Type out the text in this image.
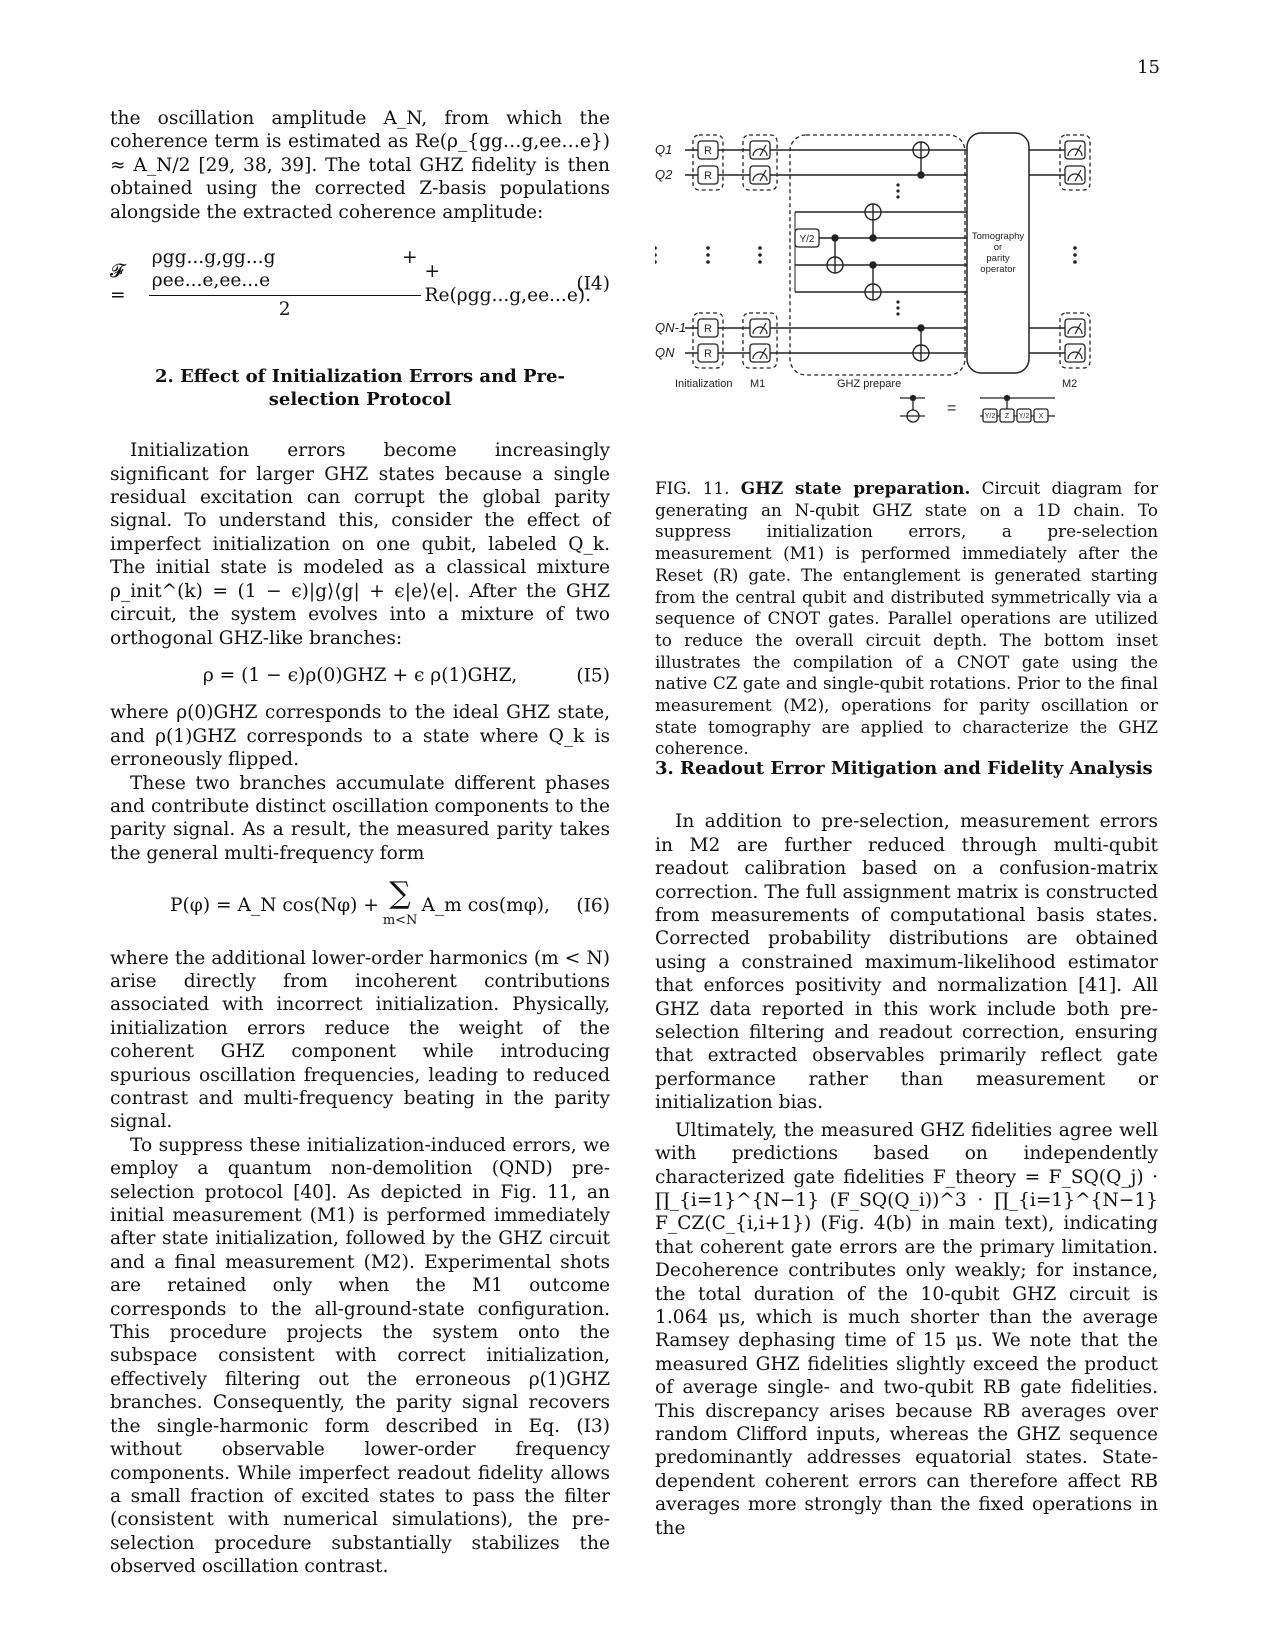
15

the oscillation amplitude A_N, from which the coherence term is estimated as Re(ρ_{gg…g,ee…e}) ≈ A_N/2 [29, 38, 39]. The total GHZ fidelity is then obtained using the corrected Z-basis populations alongside the extracted coherence amplitude:

𝓕 =	$\frac{\text{ρgg...g,gg...g + ρee...e,ee...e}}{2} + Re(\rho gg...g,ee...e)$.
(I4)
2. Effect of Initialization Errors and Pre-selection Protocol

Initialization errors become increasingly significant for larger GHZ states because a single residual excitation can corrupt the global parity signal. To understand this, consider the effect of imperfect initialization on one qubit, labeled Q_k. The initial state is modeled as a classical mixture ρ_init^(k) = (1 − ϵ)|g⟩⟨g| + ϵ|e⟩⟨e|. After the GHZ circuit, the system evolves into a mixture of two orthogonal GHZ-like branches:

ρ = (1 − ϵ)ρ(0)GHZ + ϵ ρ(1)GHZ,	(I5)

where ρ(0)GHZ corresponds to the ideal GHZ state, and ρ(1)GHZ corresponds to a state where Q_k is erroneously flipped.

These two branches accumulate different phases and contribute distinct oscillation components to the parity signal. As a result, the measured parity takes the general multi-frequency form

P(φ) = A_N cos(Nφ) + ∑
m<N
A_m cos(mφ), (I6)

where the additional lower-order harmonics (m < N) arise directly from incoherent contributions associated with incorrect initialization. Physically, initialization errors reduce the weight of the coherent GHZ component while introducing spurious oscillation frequencies, leading to reduced contrast and multi-frequency beating in the parity signal.

To suppress these initialization-induced errors, we employ a quantum non-demolition (QND) pre-selection protocol [40]. As depicted in Fig. 11, an initial measurement (M1) is performed immediately after state initialization, followed by the GHZ circuit and a final measurement (M2). Experimental shots are retained only when the M1 outcome corresponds to the all-ground-state configuration. This procedure projects the system onto the subspace consistent with correct initialization, effectively filtering out the erroneous ρ(1)GHZ branches. Consequently, the parity signal recovers the single-harmonic form described in Eq. (I3) without observable lower-order frequency components. While imperfect readout fidelity allows a small fraction of excited states to pass the filter (consistent with numerical simulations), the pre-selection procedure substantially stabilizes the observed oscillation contrast.

R
R
R
R
Y/2	Tomography
or
parity
operator
Q1
Q2
QN-1
QN
Initialization M1	GHZ prepare	M2
Y/2 Z Y/2 X
=
FIG. 11. GHZ state preparation. Circuit diagram for generating an N-qubit GHZ state on a 1D chain. To suppress initialization errors, a pre-selection measurement (M1) is performed immediately after the Reset (R) gate. The entanglement is generated starting from the central qubit and distributed symmetrically via a sequence of CNOT gates. Parallel operations are utilized to reduce the overall circuit depth. The bottom inset illustrates the compilation of a CNOT gate using the native CZ gate and single-qubit rotations. Prior to the final measurement (M2), operations for parity oscillation or state tomography are applied to characterize the GHZ coherence.
3. Readout Error Mitigation and Fidelity Analysis

In addition to pre-selection, measurement errors in M2 are further reduced through multi-qubit readout calibration based on a confusion-matrix correction. The full assignment matrix is constructed from measurements of computational basis states. Corrected probability distributions are obtained using a constrained maximum-likelihood estimator that enforces positivity and normalization [41]. All GHZ data reported in this work include both pre-selection filtering and readout correction, ensuring that extracted observables primarily reflect gate performance rather than measurement or initialization bias.

Ultimately, the measured GHZ fidelities agree well with predictions based on independently characterized gate fidelities F_theory = F_SQ(Q_j) · ∏_{i=1}^{N−1} (F_SQ(Q_i))^3 · ∏_{i=1}^{N−1} F_CZ(C_{i,i+1}) (Fig. 4(b) in main text), indicating that coherent gate errors are the primary limitation. Decoherence contributes only weakly; for instance, the total duration of the 10-qubit GHZ circuit is 1.064 μs, which is much shorter than the average Ramsey dephasing time of 15 μs. We note that the measured GHZ fidelities slightly exceed the product of average single- and two-qubit RB gate fidelities. This discrepancy arises because RB averages over random Clifford inputs, whereas the GHZ sequence predominantly addresses equatorial states. State-dependent coherent errors can therefore affect RB averages more strongly than the fixed operations in the
